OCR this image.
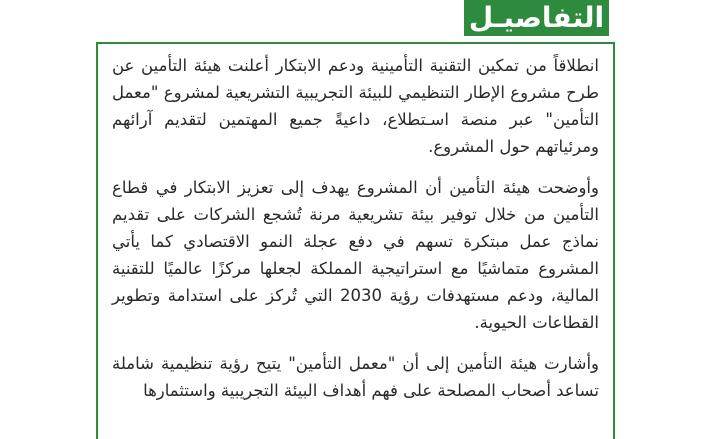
التفاصيـل

انطلاقاً من تمكين التقنية التأمينية ودعم الابتكار أعلنت هيئة التأمين عن طرح مشروع الإطار التنظيمي للبيئة التجريبية التشريعية لمشروع "معمل التأمين" عبر منصة اسـتطلاع، داعيةً جميع المهتمين لتقديم آرائهم ومرئياتهم حول المشروع.

وأوضحت هيئة التأمين أن المشروع يهدف إلى تعزيز الابتكار في قطاع التأمين من خلال توفير بيئة تشريعية مرنة تُشجع الشركات على تقديم نماذج عمل مبتكرة تسهم في دفع عجلة النمو الاقتصادي كما يأتي المشروع متماشيًا مع استراتيجية المملكة لجعلها مركزًا عالميًا للتقنية المالية، ودعم مستهدفات رؤية 2030 التي تُركز على استدامة وتطوير القطاعات الحيوية.

وأشارت هيئة التأمين إلى أن "معمل التأمين" يتيح رؤية تنظيمية شاملة تساعد أصحاب المصلحة على فهم أهداف البيئة التجريبية واستثمارها
